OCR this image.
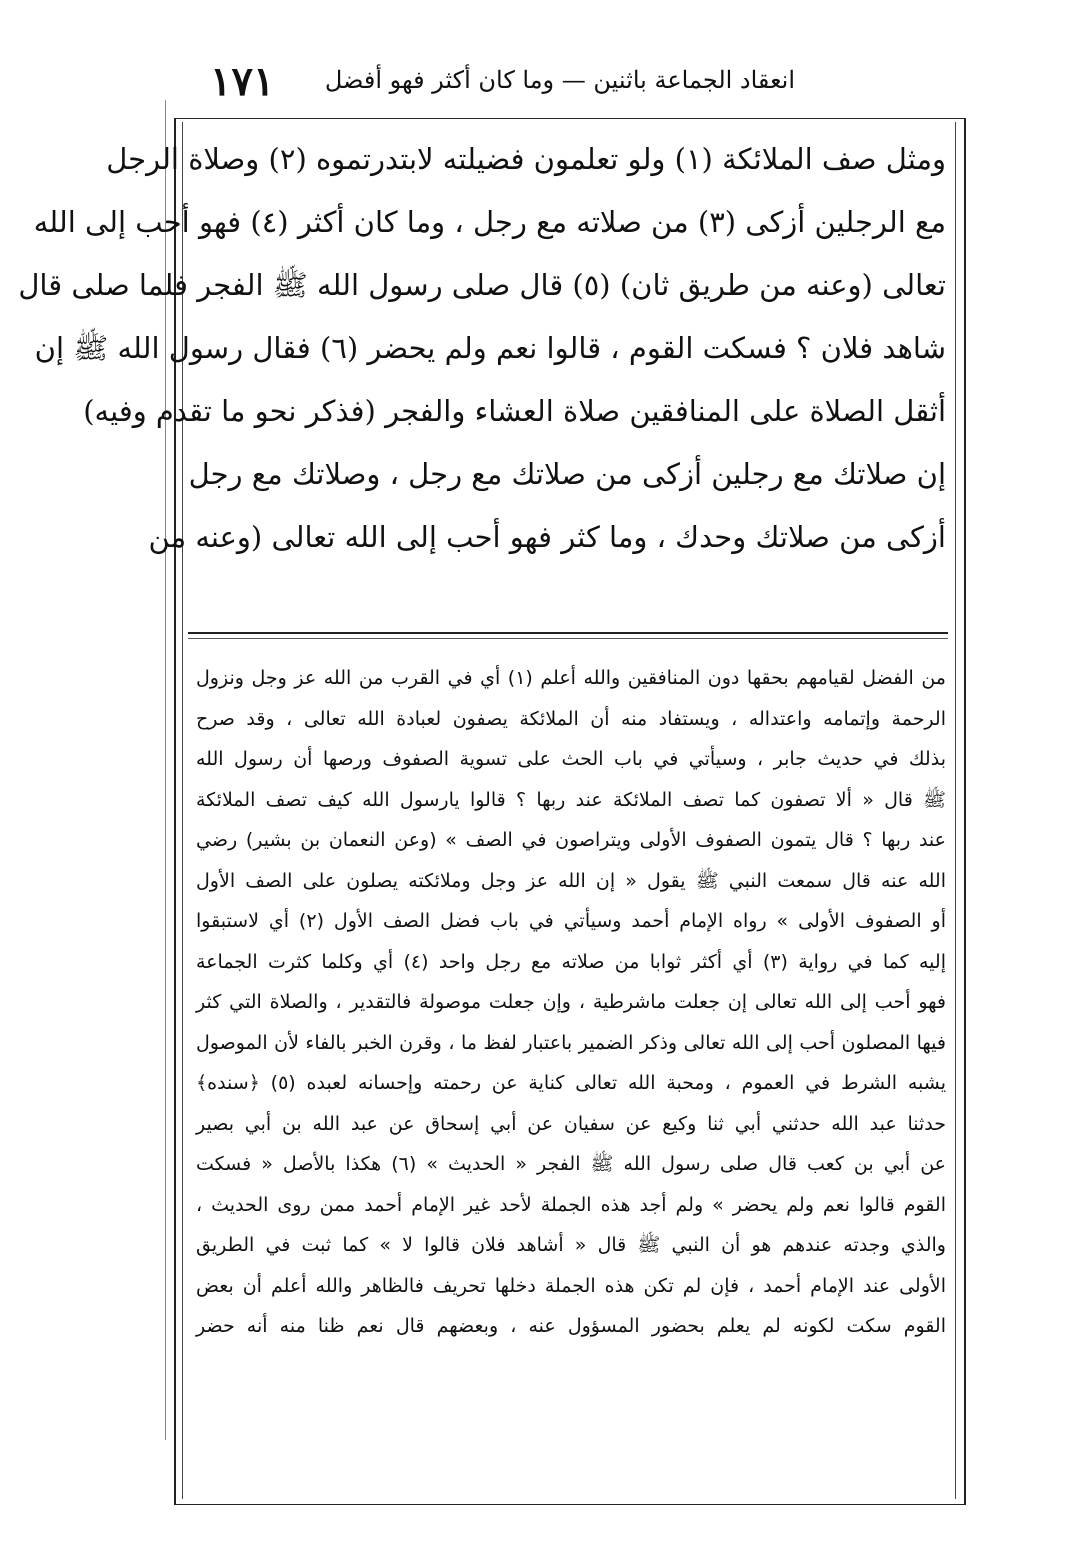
انعقاد الجماعة باثنين — وما كان أكثر فهو أفضل
١٧١
ومثل صف الملائكة (١) ولو تعلمون فضيلته لابتدرتموه (٢) وصلاة الرجل
مع الرجلين أزكى (٣) من صلاته مع رجل ، وما كان أكثر (٤) فهو أحب إلى الله
تعالى (وعنه من طريق ثان) (٥) قال صلى رسول الله ﷺ الفجر فلما صلى قال
شاهد فلان ؟ فسكت القوم ، قالوا نعم ولم يحضر (٦) فقال رسول الله ﷺ إن
أثقل الصلاة على المنافقين صلاة العشاء والفجر (فذكر نحو ما تقدم وفيه)
إن صلاتك مع رجلين أزكى من صلاتك مع رجل ، وصلاتك مع رجل
أزكى من صلاتك وحدك ، وما كثر فهو أحب إلى الله تعالى (وعنه من
من الفضل لقيامهم بحقها دون المنافقين والله أعلم (١) أي في القرب من الله عز وجل ونزول
الرحمة وإتمامه واعتداله ، ويستفاد منه أن الملائكة يصفون لعبادة الله تعالى ، وقد صرح
بذلك في حديث جابر ، وسيأتي في باب الحث على تسوية الصفوف ورصها أن رسول الله
ﷺ قال « ألا تصفون كما تصف الملائكة عند ربها ؟ قالوا يارسول الله كيف تصف الملائكة
عند ربها ؟ قال يتمون الصفوف الأولى ويتراصون في الصف » (وعن النعمان بن بشير) رضي
الله عنه قال سمعت النبي ﷺ يقول « إن الله عز وجل وملائكته يصلون على الصف الأول
أو الصفوف الأولى » رواه الإمام أحمد وسيأتي في باب فضل الصف الأول (٢) أي لاستبقوا
إليه كما في رواية (٣) أي أكثر ثوابا من صلاته مع رجل واحد (٤) أي وكلما كثرت الجماعة
فهو أحب إلى الله تعالى إن جعلت ماشرطية ، وإن جعلت موصولة فالتقدير ، والصلاة التي كثر
فيها المصلون أحب إلى الله تعالى وذكر الضمير باعتبار لفظ ما ، وقرن الخبر بالفاء لأن الموصول
يشبه الشرط في العموم ، ومحبة الله تعالى كناية عن رحمته وإحسانه لعبده (٥) ﴿سنده﴾
حدثنا عبد الله حدثني أبي ثنا وكيع عن سفيان عن أبي إسحاق عن عبد الله بن أبي بصير
عن أبي بن كعب قال صلى رسول الله ﷺ الفجر « الحديث » (٦) هكذا بالأصل « فسكت
القوم قالوا نعم ولم يحضر » ولم أجد هذه الجملة لأحد غير الإمام أحمد ممن روى الحديث ،
والذي وجدته عندهم هو أن النبي ﷺ قال « أشاهد فلان قالوا لا » كما ثبت في الطريق
الأولى عند الإمام أحمد ، فإن لم تكن هذه الجملة دخلها تحريف فالظاهر والله أعلم أن بعض
القوم سكت لكونه لم يعلم بحضور المسؤول عنه ، وبعضهم قال نعم ظنا منه أنه حضر
